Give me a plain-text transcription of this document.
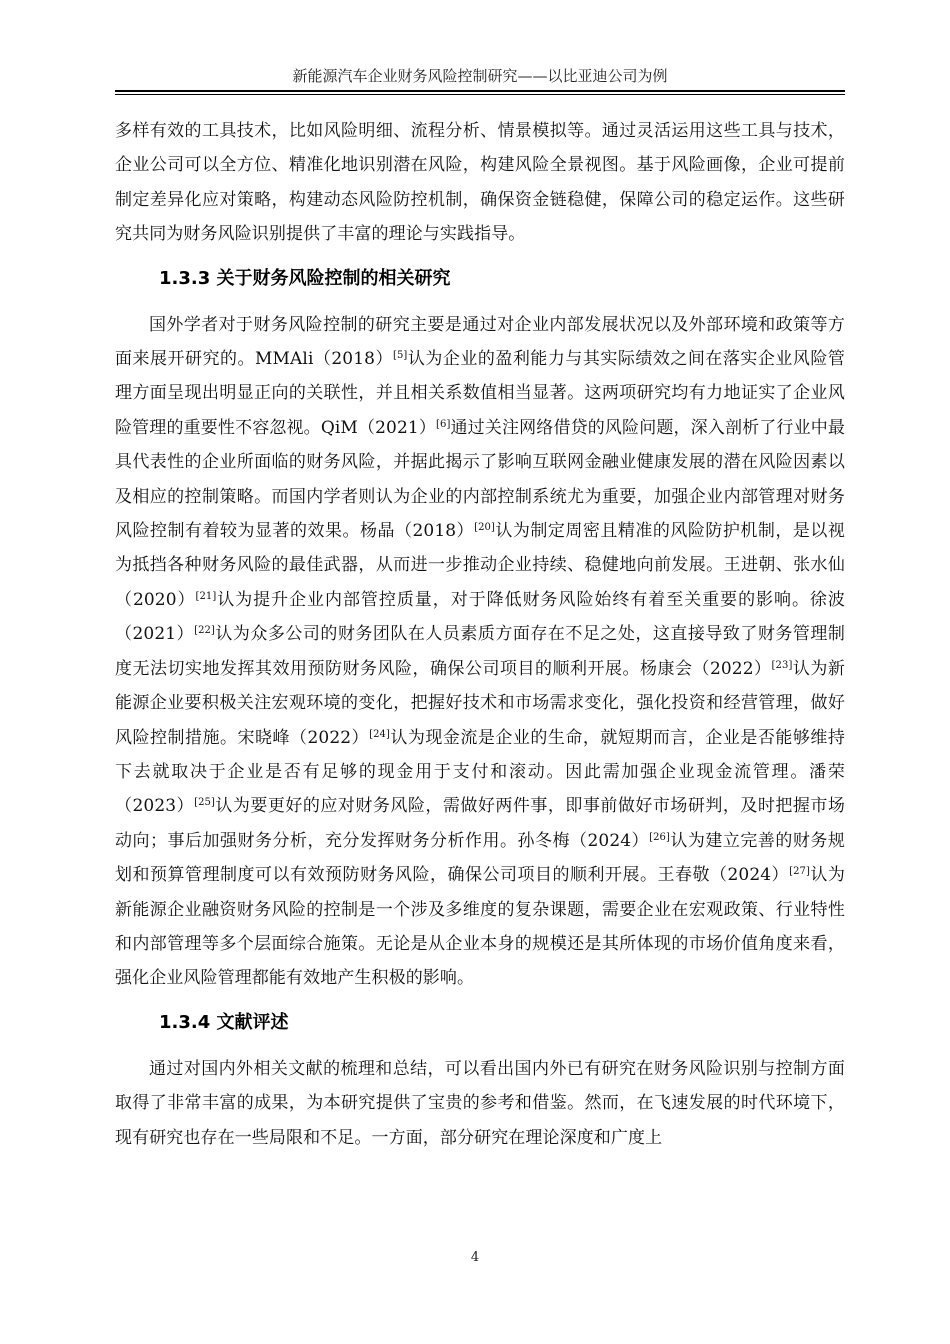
新能源汽车企业财务风险控制研究——以比亚迪公司为例

多样有效的工具技术，比如风险明细、流程分析、情景模拟等。通过灵活运用这些工具与技术，企业公司可以全方位、精准化地识别潜在风险，构建风险全景视图。基于风险画像，企业可提前制定差异化应对策略，构建动态风险防控机制，确保资金链稳健，保障公司的稳定运作。这些研究共同为财务风险识别提供了丰富的理论与实践指导。

1.3.3 关于财务风险控制的相关研究

国外学者对于财务风险控制的研究主要是通过对企业内部发展状况以及外部环境和政策等方面来展开研究的。MMAli（2018）[5]认为企业的盈利能力与其实际绩效之间在落实企业风险管理方面呈现出明显正向的关联性，并且相关系数值相当显著。这两项研究均有力地证实了企业风险管理的重要性不容忽视。QiM（2021）[6]通过关注网络借贷的风险问题，深入剖析了行业中最具代表性的企业所面临的财务风险，并据此揭示了影响互联网金融业健康发展的潜在风险因素以及相应的控制策略。而国内学者则认为企业的内部控制系统尤为重要，加强企业内部管理对财务风险控制有着较为显著的效果。杨晶（2018）[20]认为制定周密且精准的风险防护机制，是以视为抵挡各种财务风险的最佳武器，从而进一步推动企业持续、稳健地向前发展。王进朝、张水仙（2020）[21]认为提升企业内部管控质量，对于降低财务风险始终有着至关重要的影响。徐波（2021）[22]认为众多公司的财务团队在人员素质方面存在不足之处，这直接导致了财务管理制度无法切实地发挥其效用预防财务风险，确保公司项目的顺利开展。杨康会（2022）[23]认为新能源企业要积极关注宏观环境的变化，把握好技术和市场需求变化，强化投资和经营管理，做好风险控制措施。宋晓峰（2022）[24]认为现金流是企业的生命，就短期而言，企业是否能够维持下去就取决于企业是否有足够的现金用于支付和滚动。因此需加强企业现金流管理。潘荣（2023）[25]认为要更好的应对财务风险，需做好两件事，即事前做好市场研判，及时把握市场动向；事后加强财务分析，充分发挥财务分析作用。孙冬梅（2024）[26]认为建立完善的财务规划和预算管理制度可以有效预防财务风险，确保公司项目的顺利开展。王春敬（2024）[27]认为新能源企业融资财务风险的控制是一个涉及多维度的复杂课题，需要企业在宏观政策、行业特性和内部管理等多个层面综合施策。无论是从企业本身的规模还是其所体现的市场价值角度来看，强化企业风险管理都能有效地产生积极的影响。

1.3.4 文献评述

通过对国内外相关文献的梳理和总结，可以看出国内外已有研究在财务风险识别与控制方面取得了非常丰富的成果，为本研究提供了宝贵的参考和借鉴。然而，在飞速发展的时代环境下，现有研究也存在一些局限和不足。一方面，部分研究在理论深度和广度上

4
